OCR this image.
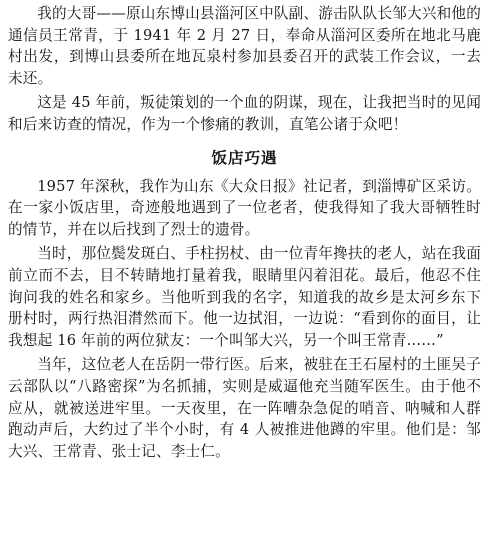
我的大哥——原山东博山县淄河区中队副、游击队队长邹大兴和他的通信员王常青，于 1941 年 2 月 27 日，奉命从淄河区委所在地北马鹿村出发，到博山县委所在地瓦泉村参加县委召开的武装工作会议，一去未还。

这是 45 年前，叛徒策划的一个血的阴谋，现在，让我把当时的见闻和后来访查的情况，作为一个惨痛的教训，直笔公诸于众吧！

饭店巧遇

1957 年深秋，我作为山东《大众日报》社记者，到淄博矿区采访。在一家小饭店里，奇迹般地遇到了一位老者，使我得知了我大哥牺牲时的情节，并在以后找到了烈士的遗骨。

当时，那位鬓发斑白、手柱拐杖、由一位青年搀扶的老人，站在我面前立而不去，目不转睛地打量着我，眼睛里闪着泪花。最后，他忍不住询问我的姓名和家乡。当他听到我的名字，知道我的故乡是太河乡东下册村时，两行热泪潸然而下。他一边拭泪，一边说：“看到你的面目，让我想起 16 年前的两位狱友：一个叫邹大兴，另一个叫王常青……”

当年，这位老人在岳阴一带行医。后来，被驻在王石屋村的土匪吴子云部队以“八路密探”为名抓捕，实则是威逼他充当随军医生。由于他不应从，就被送进牢里。一天夜里，在一阵嘈杂急促的哨音、呐喊和人群跑动声后，大约过了半个小时，有 4 人被推进他蹲的牢里。他们是：邹大兴、王常青、张士记、李士仁。
